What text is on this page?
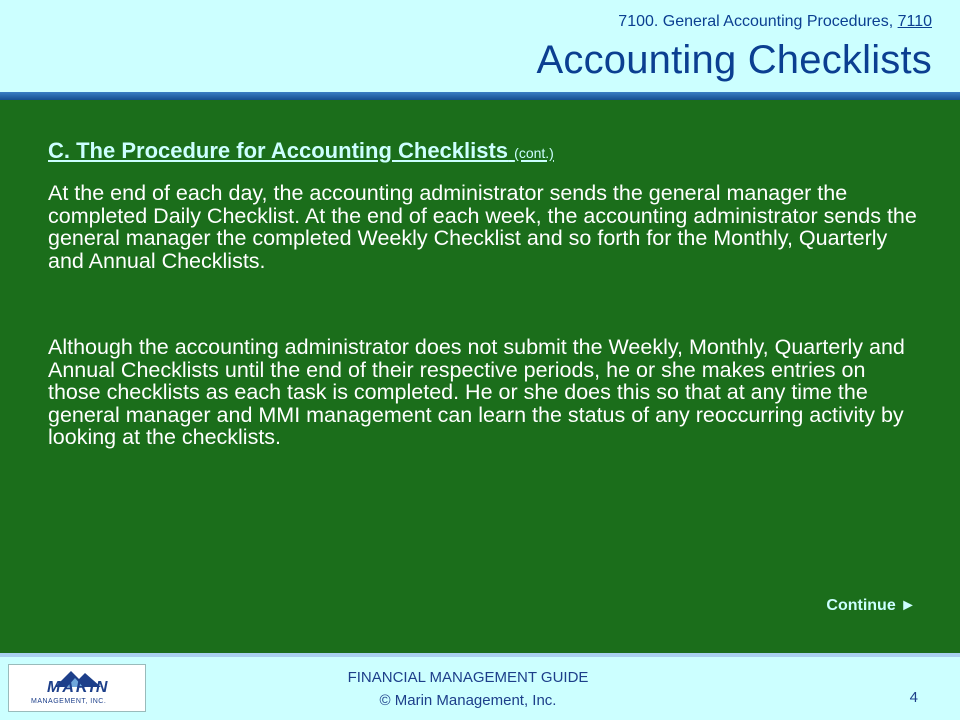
7100. General Accounting Procedures, 7110
Accounting Checklists
C. The Procedure for Accounting Checklists (cont.)

At the end of each day, the accounting administrator sends the general manager the completed Daily Checklist. At the end of each week, the accounting administrator sends the general manager the completed Weekly Checklist and so forth for the Monthly, Quarterly and Annual Checklists.

Although the accounting administrator does not submit the Weekly, Monthly, Quarterly and Annual Checklists until the end of their respective periods, he or she makes entries on those checklists as each task is completed. He or she does this so that at any time the general manager and MMI management can learn the status of any reoccurring activity by looking at the checklists.

Continue ►
MARIN
MANAGEMENT, INC.
FINANCIAL MANAGEMENT GUIDE
© Marin Management, Inc.	4
